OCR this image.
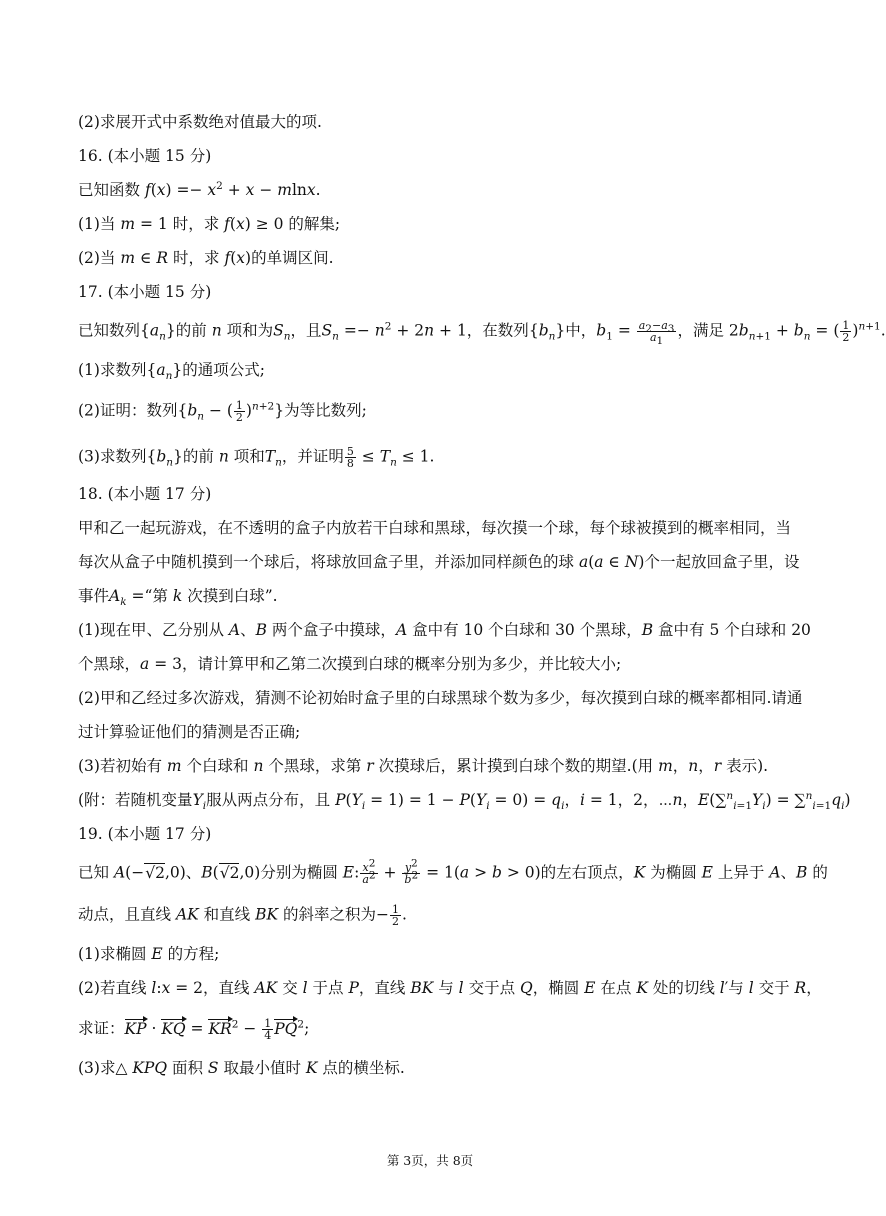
(2)求展开式中系数绝对值最大的项.
16. (本小题 15 分)
已知函数 $f(x) =- x^2 + x - mlnx$.
(1)当 m = 1 时，求 f(x) ≥ 0 的解集;
(2)当 m ∈ R 时，求 f(x)的单调区间.
17. (本小题 15 分)
已知数列$\{a_n\}$的前 n 项和为$S_n$，且$S_n =- n^2 + 2n + 1$，在数列$\{b_n\}$中，$b_1 = \frac{a_2-a_3}{a_1}$ ，满足 $2b_{n+1} + b_n$ = ( $\frac{1}{2} )^{n+1}$.
(1)求数列$\{a_n\}$的通项公式;
(2)证明：数列{$b_n$ − ( $\frac{1}{2} )^{n+2}$}为等比数列;
(3)求数列$\{b_n\}$的前 n 项和$T_n$，并证明 $\frac{5}{8} \le T_n \le 1$.
18. (本小题 17 分)
甲和乙一起玩游戏，在不透明的盒子内放若干白球和黑球，每次摸一个球，每个球被摸到的概率相同，当
每次从盒子中随机摸到一个球后，将球放回盒子里，并添加同样颜色的球 a(a ∈ N)个一起放回盒子里，设
事件$A_k$ =“第 k 次摸到白球”.
(1)现在甲、乙分别从 A、B 两个盒子中摸球，A 盒中有 10 个白球和 30 个黑球，B 盒中有 5 个白球和 20
个黑球，a = 3，请计算甲和乙第二次摸到白球的概率分别为多少，并比较大小;
(2)甲和乙经过多次游戏，猜测不论初始时盒子里的白球黑球个数为多少，每次摸到白球的概率都相同.请通
过计算验证他们的猜测是否正确;
(3)若初始有 m 个白球和 n 个黑球，求第 r 次摸球后，累计摸到白球个数的期望.(用 m，n，r 表示).
(附：若随机变量$Y_i$服从两点分布，且 $P(Y_i = 1) = 1 - P(Y_i = 0) = q_i$，i = 1，2，⋯n，$E(\sum^n_{i=1}Y_i) = \sum^n_{i=1}q_i$)
19. (本小题 17 分)
已知 A(−√2,0)、B(√2,0)分别为椭圆 E: $\frac{x^2}{a^2} + \frac{y^2}{b^2} = 1(a > b > 0)$的左右顶点，K 为椭圆 E 上异于 A、B 的
动点，且直线 AK 和直线 BK 的斜率之积为− $\frac{1}{2}$ .
(1)求椭圆 E 的方程;
(2)若直线 l:x = 2，直线 AK 交 l 于点 P，直线 BK 与 l 交于点 Q，椭圆 E 在点 K 处的切线 l′与 l 交于 R，
求证：KP · KQ = $KR^2 - \frac{1}{4} PQ^2$;
(3)求△ KPQ 面积 S 取最小值时 K 点的横坐标.
第 3页，共 8页
